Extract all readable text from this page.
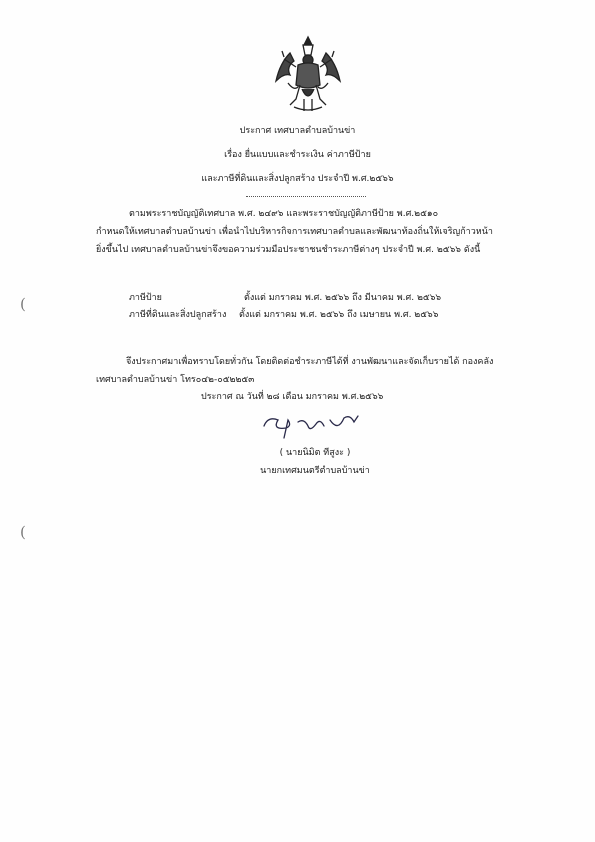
ประกาศ เทศบาลตำบลบ้านข่า
เรื่อง ยื่นแบบและชำระเงิน ค่าภาษีป้าย
และภาษีที่ดินและสิ่งปลูกสร้าง ประจำปี พ.ศ.๒๕๖๖
ตามพระราชบัญญัติเทศบาล พ.ศ. ๒๔๙๖ และพระราชบัญญัติภาษีป้าย พ.ศ.๒๕๑๐
กำหนดให้เทศบาลตำบลบ้านข่า เพื่อนำไปบริหารกิจการเทศบาลตำบลและพัฒนาท้องถิ่นให้เจริญก้าวหน้า
ยิ่งขึ้นไป เทศบาลตำบลบ้านข่าจึงขอความร่วมมือประชาชนชำระภาษีต่างๆ ประจำปี พ.ศ. ๒๕๖๖ ดังนี้
ภาษีป้าย	ตั้งแต่ มกราคม พ.ศ. ๒๕๖๖ ถึง มีนาคม พ.ศ. ๒๕๖๖
ภาษีที่ดินและสิ่งปลูกสร้าง ตั้งแต่ มกราคม พ.ศ. ๒๕๖๖ ถึง เมษายน พ.ศ. ๒๕๖๖
จึงประกาศมาเพื่อทราบโดยทั่วกัน โดยติดต่อชำระภาษีได้ที่ งานพัฒนาและจัดเก็บรายได้ กองคลัง
เทศบาลตำบลบ้านข่า โทร๐๔๒-๐๕๒๒๕๓
ประกาศ ณ วันที่ ๒๘ เดือน มกราคม พ.ศ.๒๕๖๖
( นายนิมิต ทีสูงะ )
นายกเทศมนตรีตำบลบ้านข่า
(
(
